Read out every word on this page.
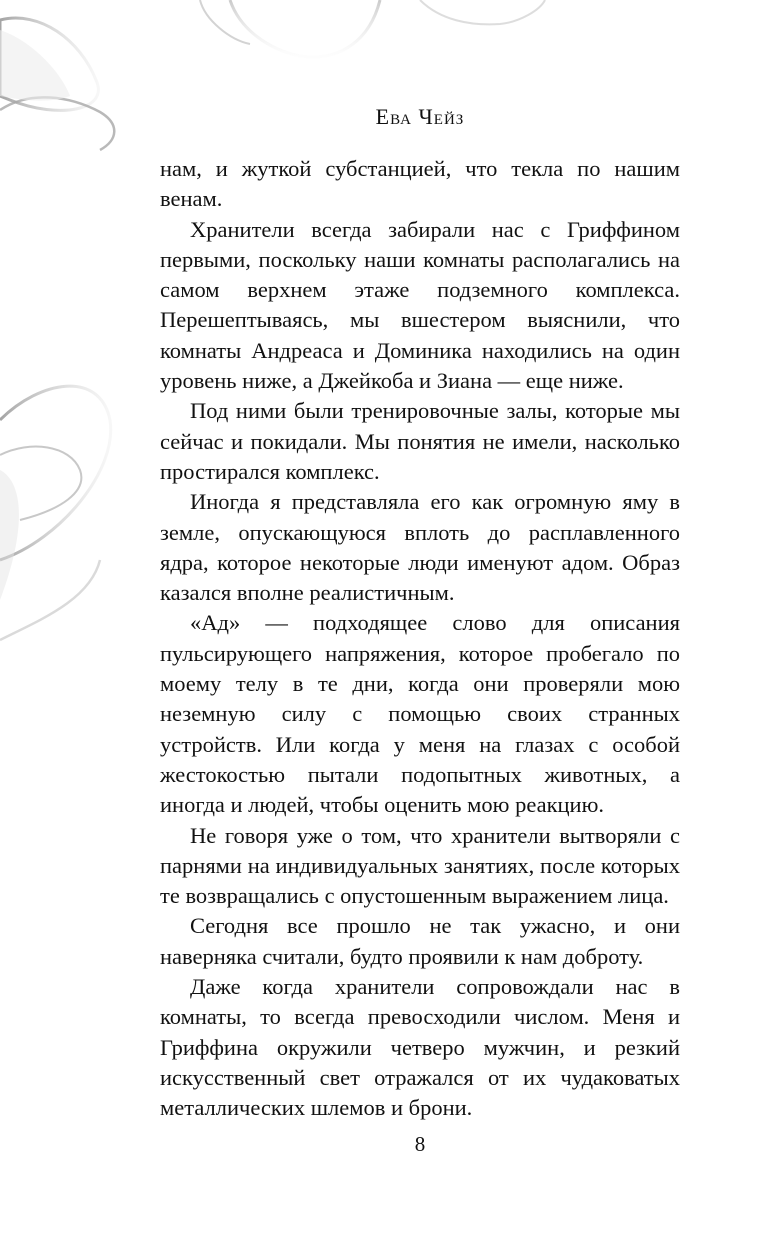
Ева Чейз

нам, и жуткой субстанцией, что текла по нашим венам.

Хранители всегда забирали нас с Гриффином первыми, поскольку наши комнаты располагались на самом верхнем этаже подземного комплекса. Перешептываясь, мы вшестером выяснили, что комнаты Андреаса и Доминика находились на один уровень ниже, а Джейкоба и Зиана — еще ниже.

Под ними были тренировочные залы, которые мы сейчас и покидали. Мы понятия не имели, насколько простирался комплекс.

Иногда я представляла его как огромную яму в земле, опускающуюся вплоть до расплавленного ядра, которое некоторые люди именуют адом. Образ казался вполне реалистичным.

«Ад» — подходящее слово для описания пульсирующего напряжения, которое пробегало по моему телу в те дни, когда они проверяли мою неземную силу с помощью своих странных устройств. Или когда у меня на глазах с особой жестокостью пытали подопытных животных, а иногда и людей, чтобы оценить мою реакцию.

Не говоря уже о том, что хранители вытворяли с парнями на индивидуальных занятиях, после которых те возвращались с опустошенным выражением лица.

Сегодня все прошло не так ужасно, и они наверняка считали, будто проявили к нам доброту.

Даже когда хранители сопровождали нас в комнаты, то всегда превосходили числом. Меня и Гриффина окружили четверо мужчин, и резкий искусственный свет отражался от их чудаковатых металлических шлемов и брони.

8
